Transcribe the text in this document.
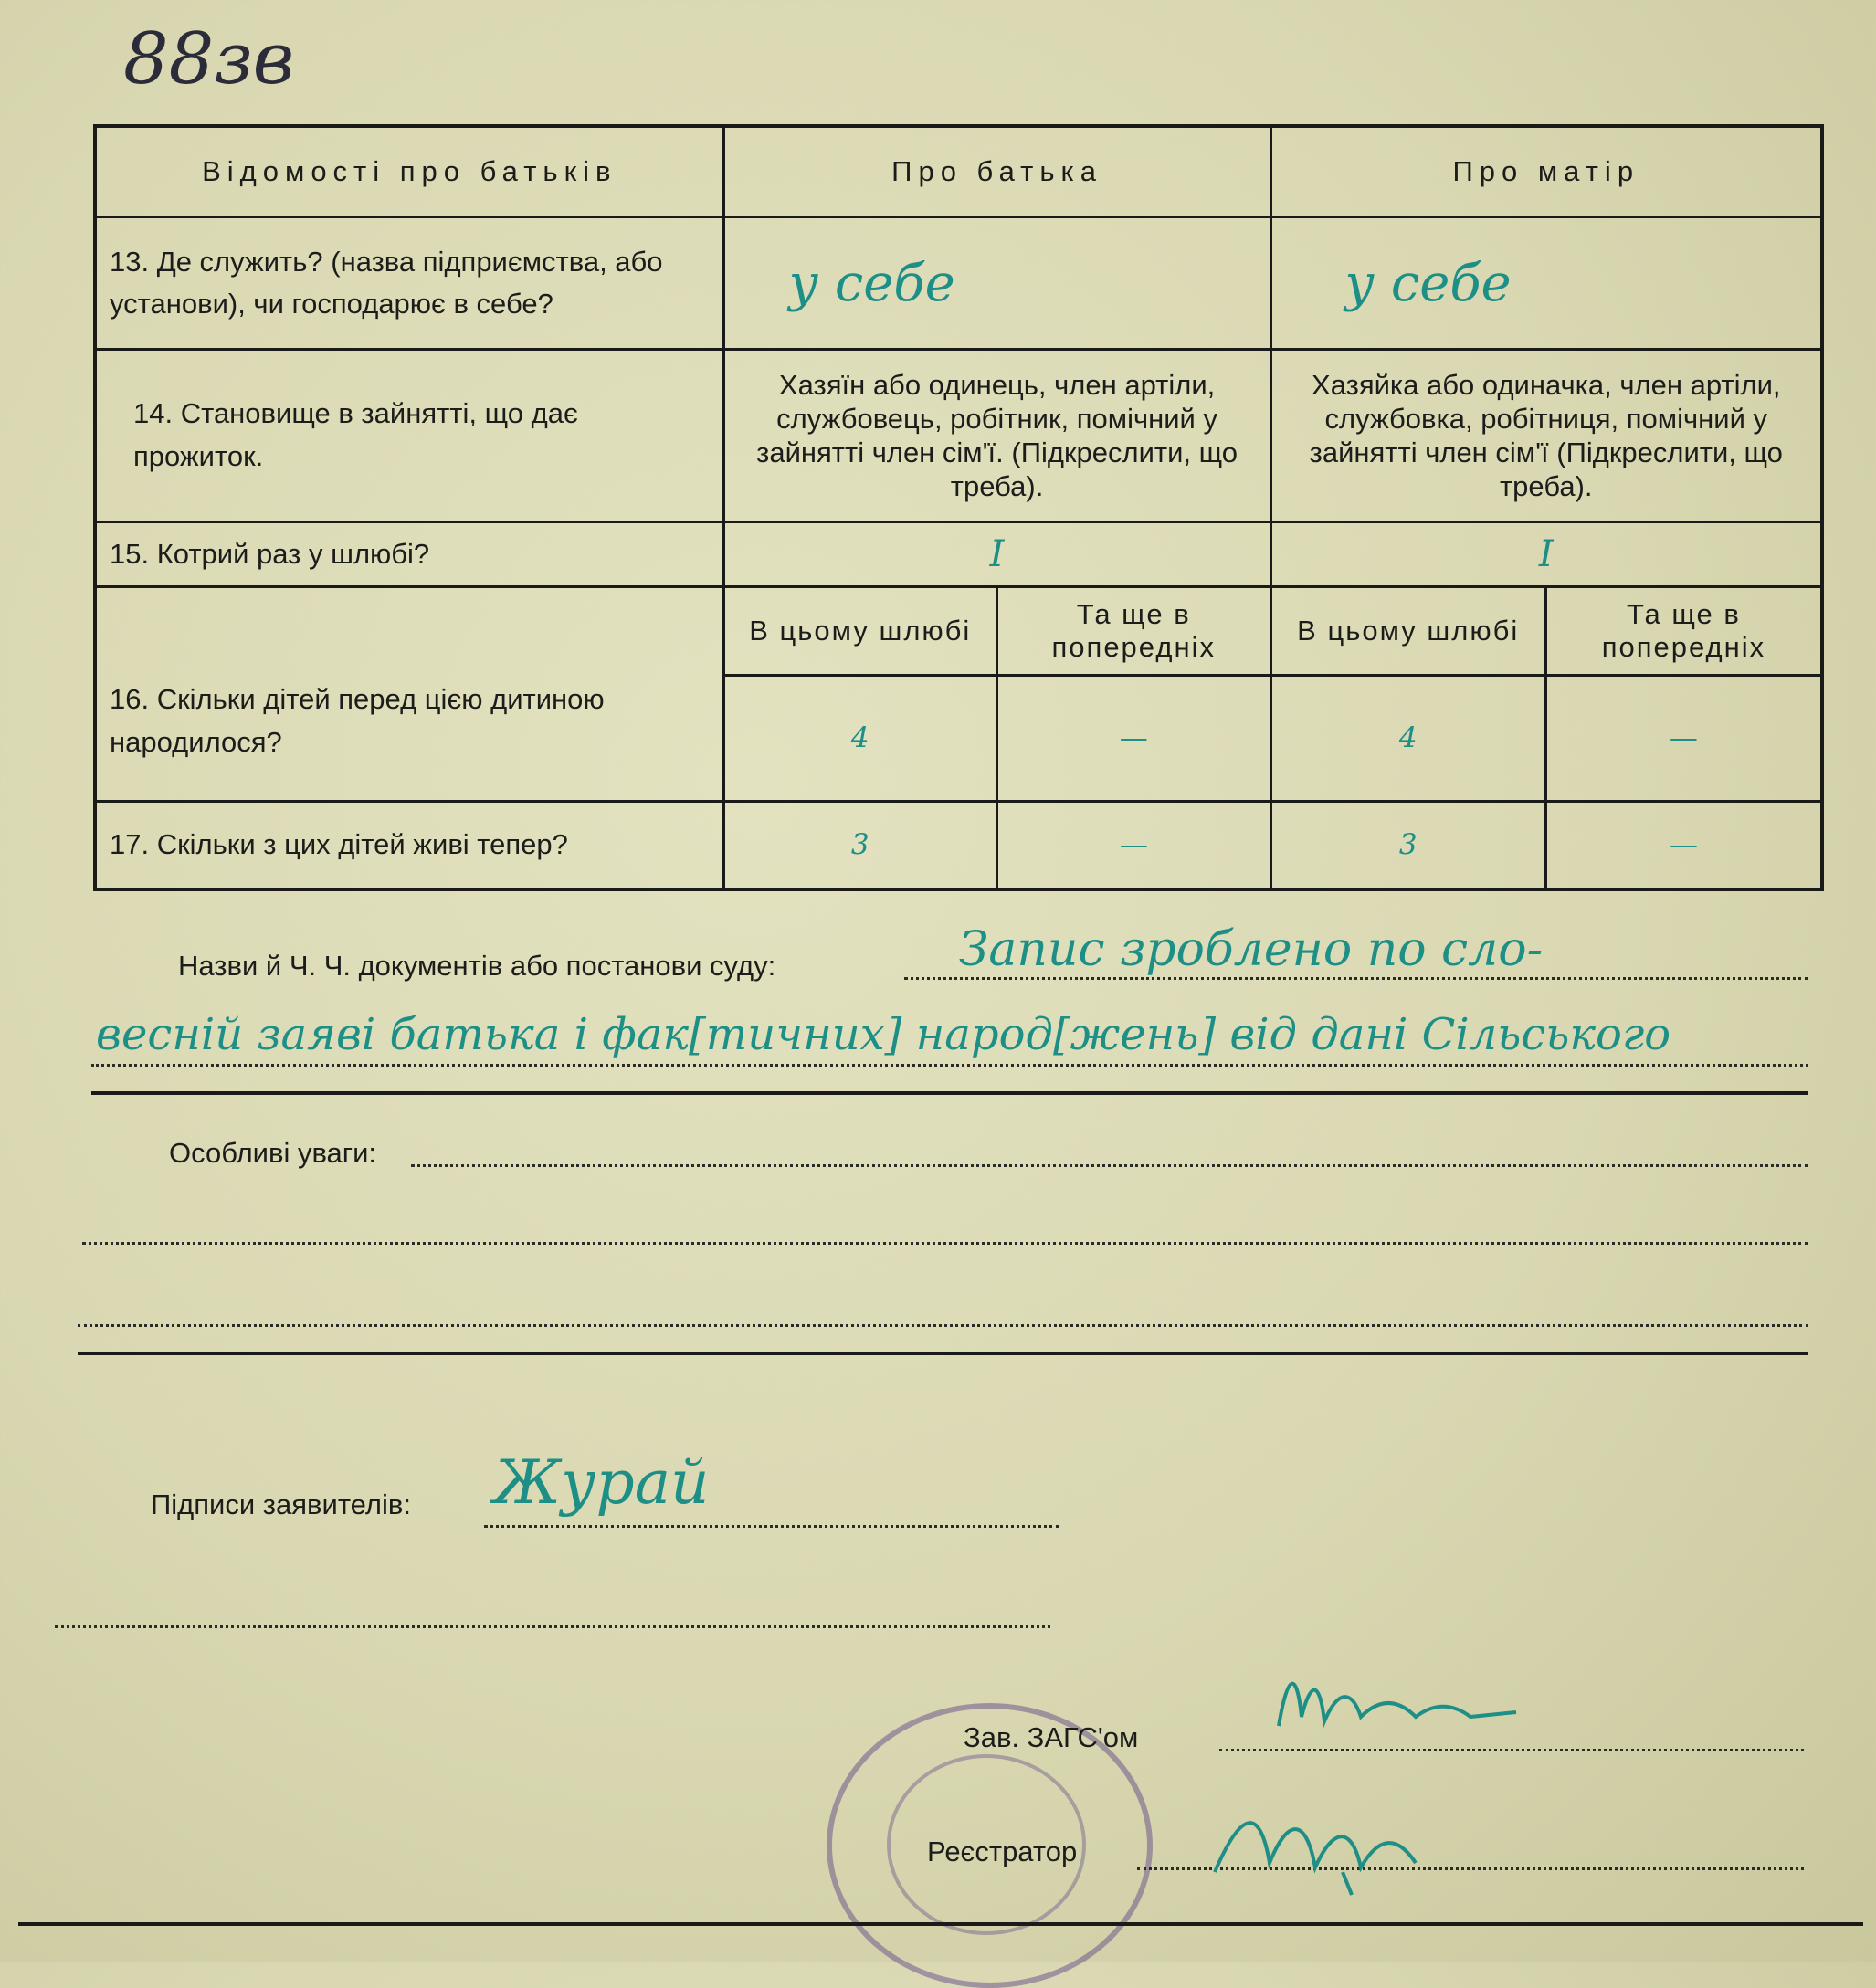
88зв
Відомості про батьків	Про батька		Про матір	
13. Де служить? (назва підприємства, або установи), чи господарює в себе?	у себе		у себе	
14. Становище в зайнятті, що дає прожиток.	Хазяїн або одинець, член артіли, службовець, робітник, помічний у зайнятті член сім'ї. (Підкреслити, що треба).		Хазяйка або одиначка, член артіли, службовка, робітниця, помічний у зайнятті член сім'ї (Підкреслити, що треба).	
15. Котрий раз у шлюбі?	I		I	
16. Скільки дітей перед цією дитиною народилося?	В цьому шлюбі	Та ще в попередніх	В цьому шлюбі	Та ще в попередніх
	4	—	4	—
17. Скільки з цих дітей живі тепер?	3	—	3	—
Назви й Ч. Ч. документів або постанови суду:	Запис зроблено по сло-
весній заяві батька і фак[тичних] народ[жень] від дані Сільського
Особливі уваги:
Підписи заявителів: Журай
Зав. ЗАГС'ом
Реєстратор
